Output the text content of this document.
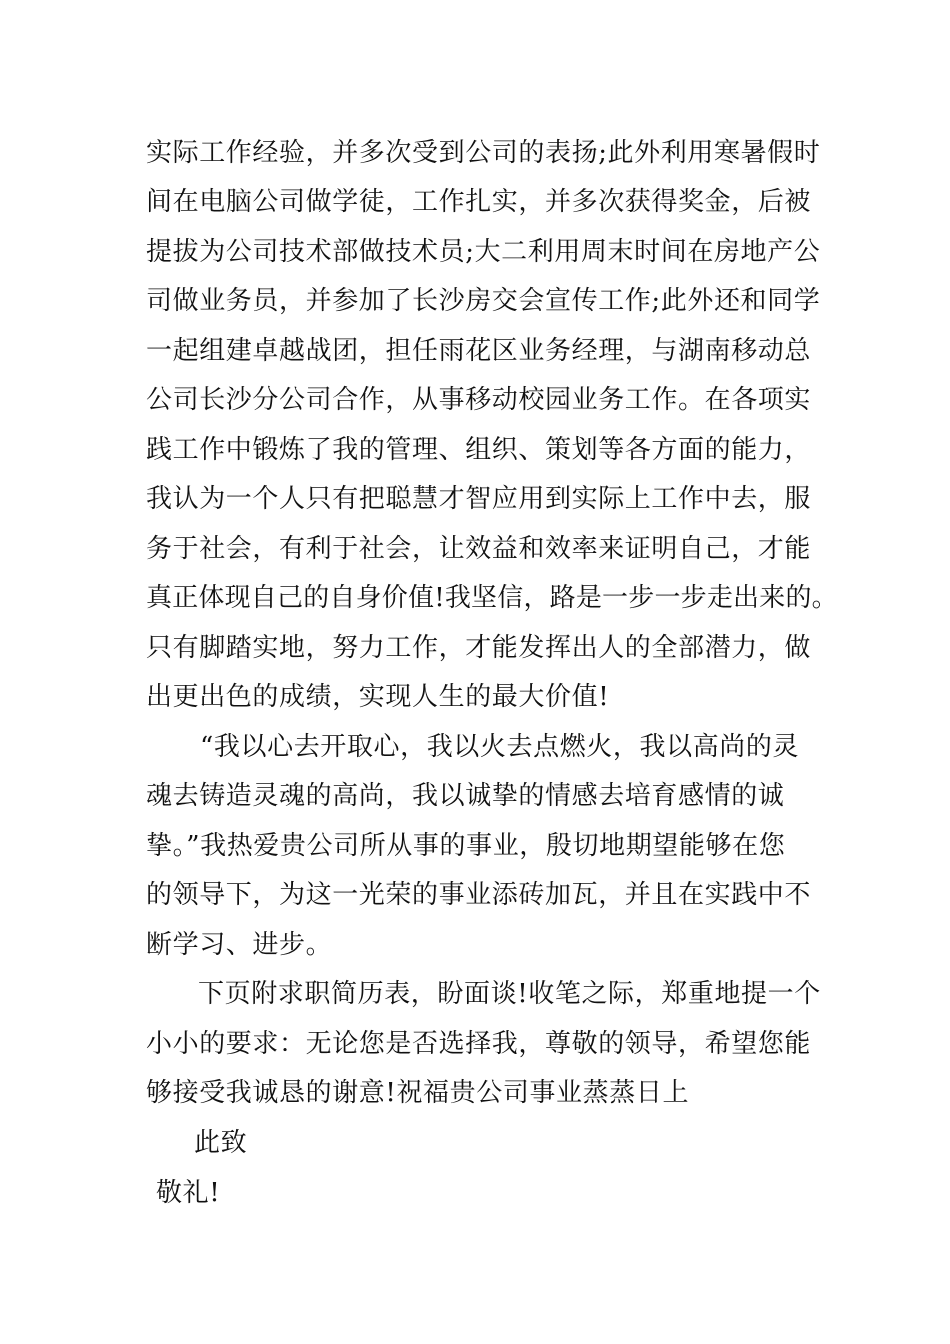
实际工作经验，并多次受到公司的表扬;此外利用寒暑假时
间在电脑公司做学徒，工作扎实，并多次获得奖金，后被
提拔为公司技术部做技术员;大二利用周末时间在房地产公
司做业务员，并参加了长沙房交会宣传工作;此外还和同学
一起组建卓越战团，担任雨花区业务经理，与湖南移动总
公司长沙分公司合作，从事移动校园业务工作。在各项实
践工作中锻炼了我的管理、组织、策划等各方面的能力，
我认为一个人只有把聪慧才智应用到实际上工作中去，服
务于社会，有利于社会，让效益和效率来证明自己，才能
真正体现自己的自身价值!我坚信，路是一步一步走出来的。
只有脚踏实地，努力工作，才能发挥出人的全部潜力，做
出更出色的成绩，实现人生的最大价值!
“我以心去开取心，我以火去点燃火，我以高尚的灵
魂去铸造灵魂的高尚，我以诚挚的情感去培育感情的诚
挚。”我热爱贵公司所从事的事业，殷切地期望能够在您
的领导下，为这一光荣的事业添砖加瓦，并且在实践中不
断学习、进步。
下页附求职简历表，盼面谈!收笔之际，郑重地提一个
小小的要求：无论您是否选择我，尊敬的领导，希望您能
够接受我诚恳的谢意!祝福贵公司事业蒸蒸日上
此致
敬礼!
